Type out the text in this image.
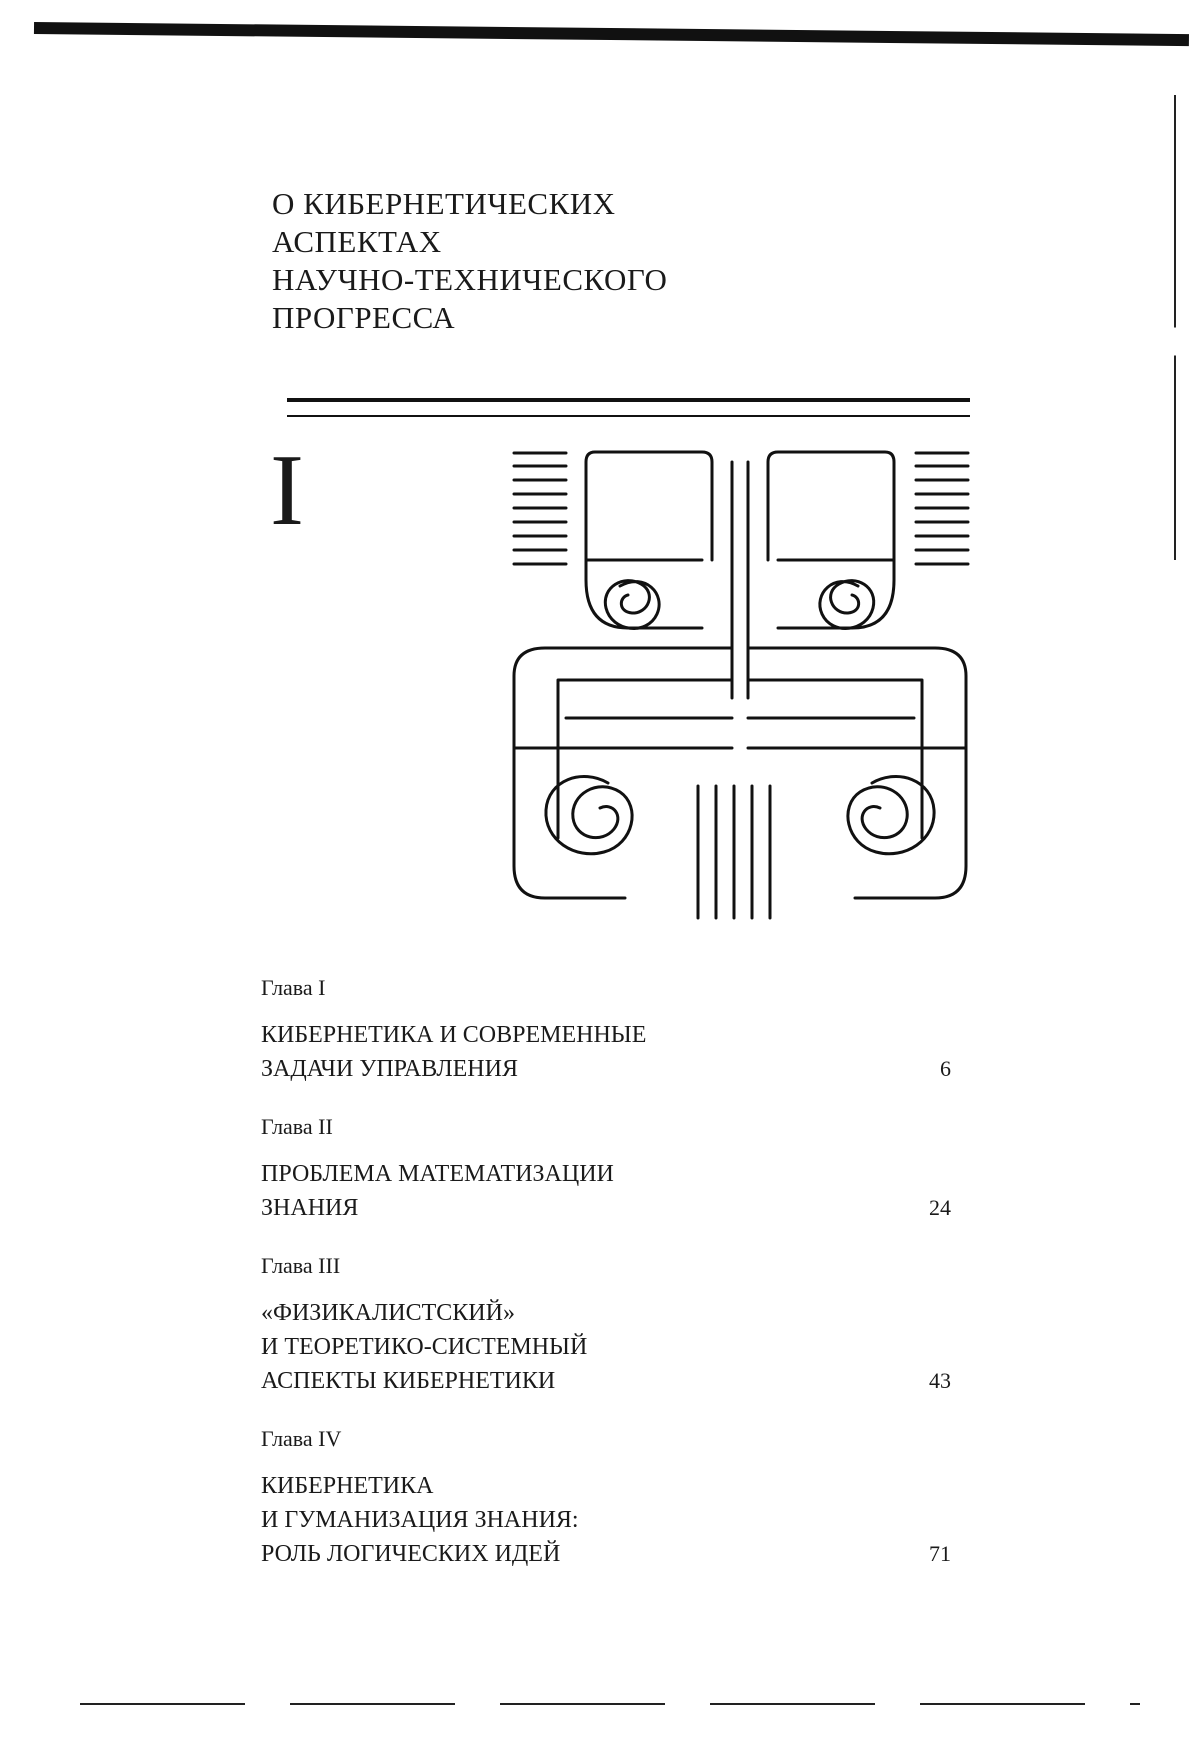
О КИБЕРНЕТИЧЕСКИХ
АСПЕКТАХ
НАУЧНО-ТЕХНИЧЕСКОГО
ПРОГРЕССА
I
Глава I
КИБЕРНЕТИКА И СОВРЕМЕННЫЕ
ЗАДАЧИ УПРАВЛЕНИЯ	6
Глава II
ПРОБЛЕМА МАТЕМАТИЗАЦИИ
ЗНАНИЯ	24
Глава III
«ФИЗИКАЛИСТСКИЙ»
И ТЕОРЕТИКО-СИСТЕМНЫЙ
АСПЕКТЫ КИБЕРНЕТИКИ	43
Глава IV
КИБЕРНЕТИКА
И ГУМАНИЗАЦИЯ ЗНАНИЯ:
РОЛЬ ЛОГИЧЕСКИХ ИДЕЙ	71
